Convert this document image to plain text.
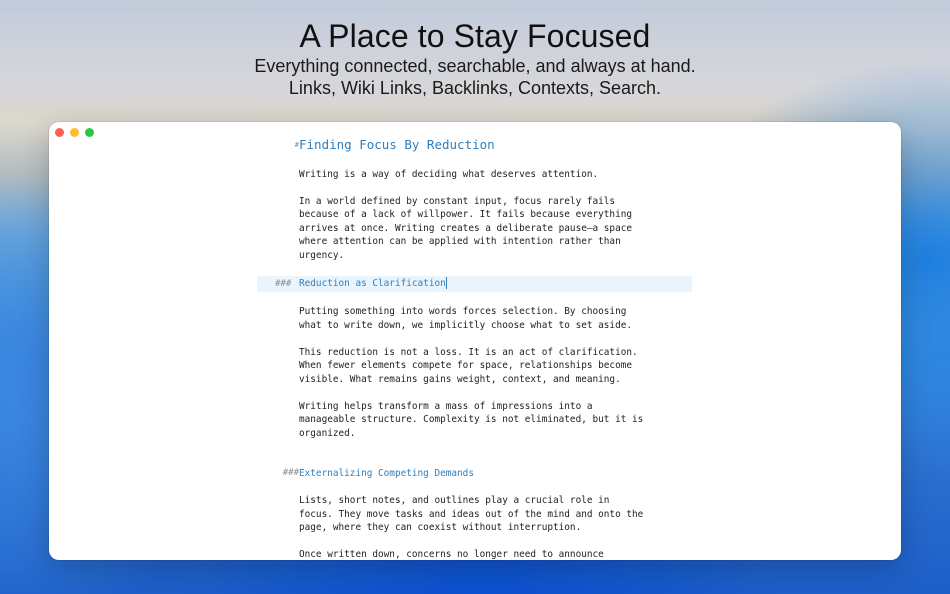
A Place to Stay Focused
Everything connected, searchable, and always at hand.
Links, Wiki Links, Backlinks, Contexts, Search.
# Finding Focus By Reduction
Writing is a way of deciding what deserves attention.
In a world defined by constant input, focus rarely fails
because of a lack of willpower. It fails because everything
arrives at once. Writing creates a deliberate pause—a space
where attention can be applied with intention rather than
urgency.
### Reduction as Clarification
Putting something into words forces selection. By choosing
what to write down, we implicitly choose what to set aside.
This reduction is not a loss. It is an act of clarification.
When fewer elements compete for space, relationships become
visible. What remains gains weight, context, and meaning.
Writing helps transform a mass of impressions into a
manageable structure. Complexity is not eliminated, but it is
organized.
### Externalizing Competing Demands
Lists, short notes, and outlines play a crucial role in
focus. They move tasks and ideas out of the mind and onto the
page, where they can coexist without interruption.
Once written down, concerns no longer need to announce
